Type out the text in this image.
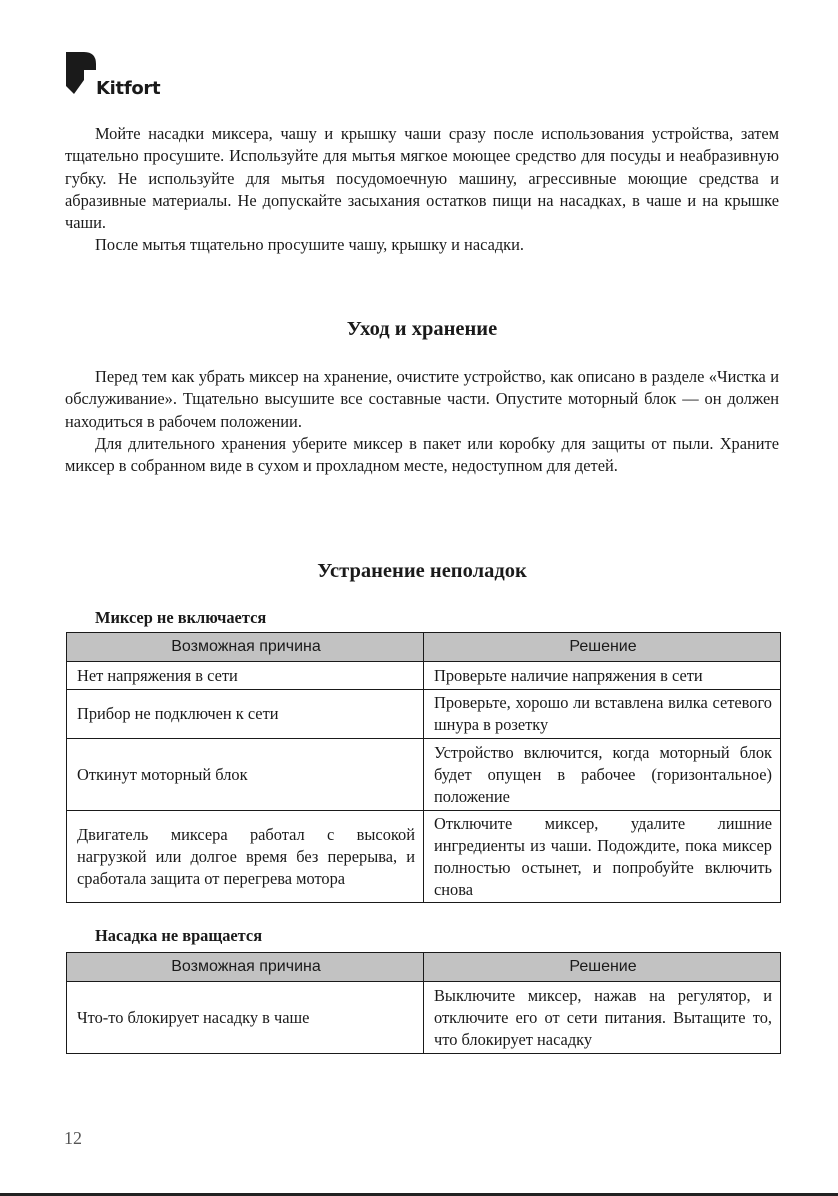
Kitfort

Мойте насадки миксера, чашу и крышку чаши сразу после использования устройства, затем тщательно просушите. Используйте для мытья мягкое моющее средство для посуды и неабразивную губку. Не используйте для мытья посудомоечную машину, агрессивные моющие средства и абразивные материалы. Не допускайте засыхания остатков пищи на насадках, в чаше и на крышке чаши.

После мытья тщательно просушите чашу, крышку и насадки.

Уход и хранение

Перед тем как убрать миксер на хранение, очистите устройство, как описано в разделе «Чистка и обслуживание». Тщательно высушите все составные части. Опустите моторный блок — он должен находиться в рабочем положении.

Для длительного хранения уберите миксер в пакет или коробку для защиты от пыли. Храните миксер в собранном виде в сухом и прохладном месте, недоступном для детей.

Устранение неполадок

Миксер не включается

Возможная причина	Решение
Нет напряжения в сети	Проверьте наличие напряжения в сети
Прибор не подключен к сети	Проверьте, хорошо ли вставлена вилка сетевого шнура в розетку
Откинут моторный блок	Устройство включится, когда моторный блок будет опущен в рабочее (горизонтальное) положение
Двигатель миксера работал с высокой нагрузкой или долгое время без перерыва, и сработала защита от перегрева мотора	Отключите миксер, удалите лишние ингредиенты из чаши. Подождите, пока миксер полностью остынет, и попробуйте включить снова

Насадка не вращается

Возможная причина	Решение
Что-то блокирует насадку в чаше	Выключите миксер, нажав на регулятор, и отключите его от сети питания. Вытащите то, что блокирует насадку
12
